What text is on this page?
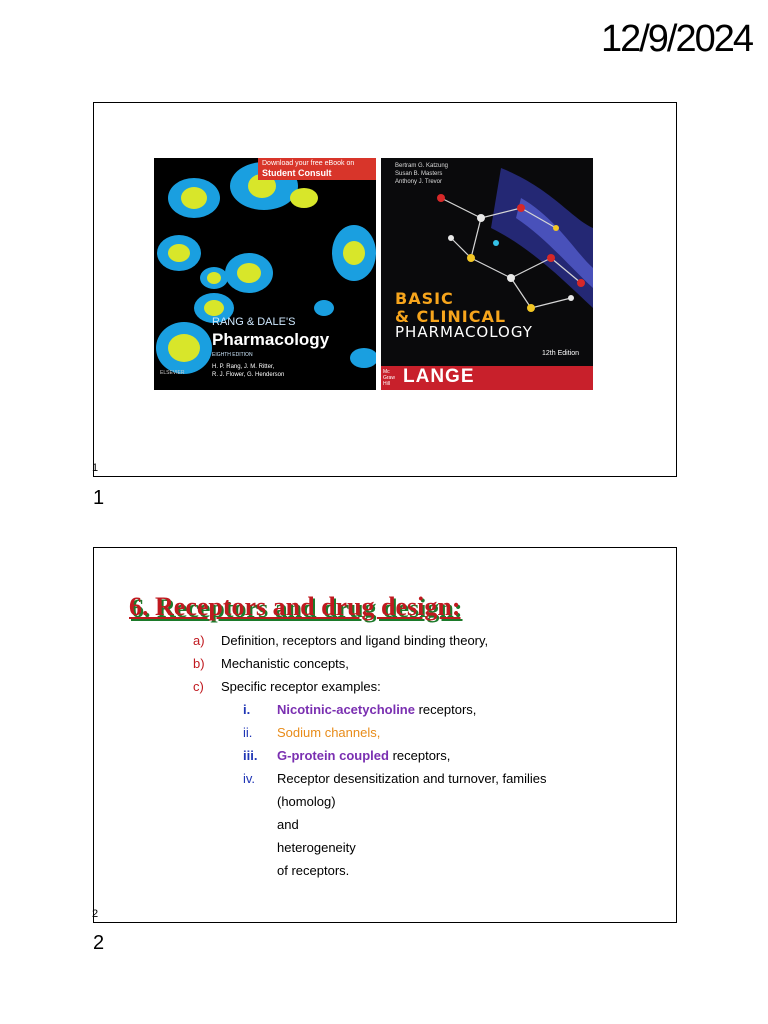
12/9/2024
Download your free eBook on
Student Consult
RANG & DALE'S
Pharmacology
EIGHTH EDITION
H. P. Rang, J. M. Ritter,
R. J. Flower, G. Henderson
ELSEVIER
Bertram G. Katzung
Susan B. Masters
Anthony J. Trevor
BASIC
& CLINICAL
PHARMACOLOGY
12th Edition
Mc Graw Hill LANGE
1
1
6. Receptors and drug design:
a) Definition, receptors and ligand binding theory,
b) Mechanistic concepts,
c) Specific receptor examples:
i. Nicotinic-acetycholine receptors,
ii. Sodium channels,
iii. G-protein coupled receptors,
iv. Receptor desensitization and turnover, families
(homolog) and heterogeneity of receptors.
2
2
